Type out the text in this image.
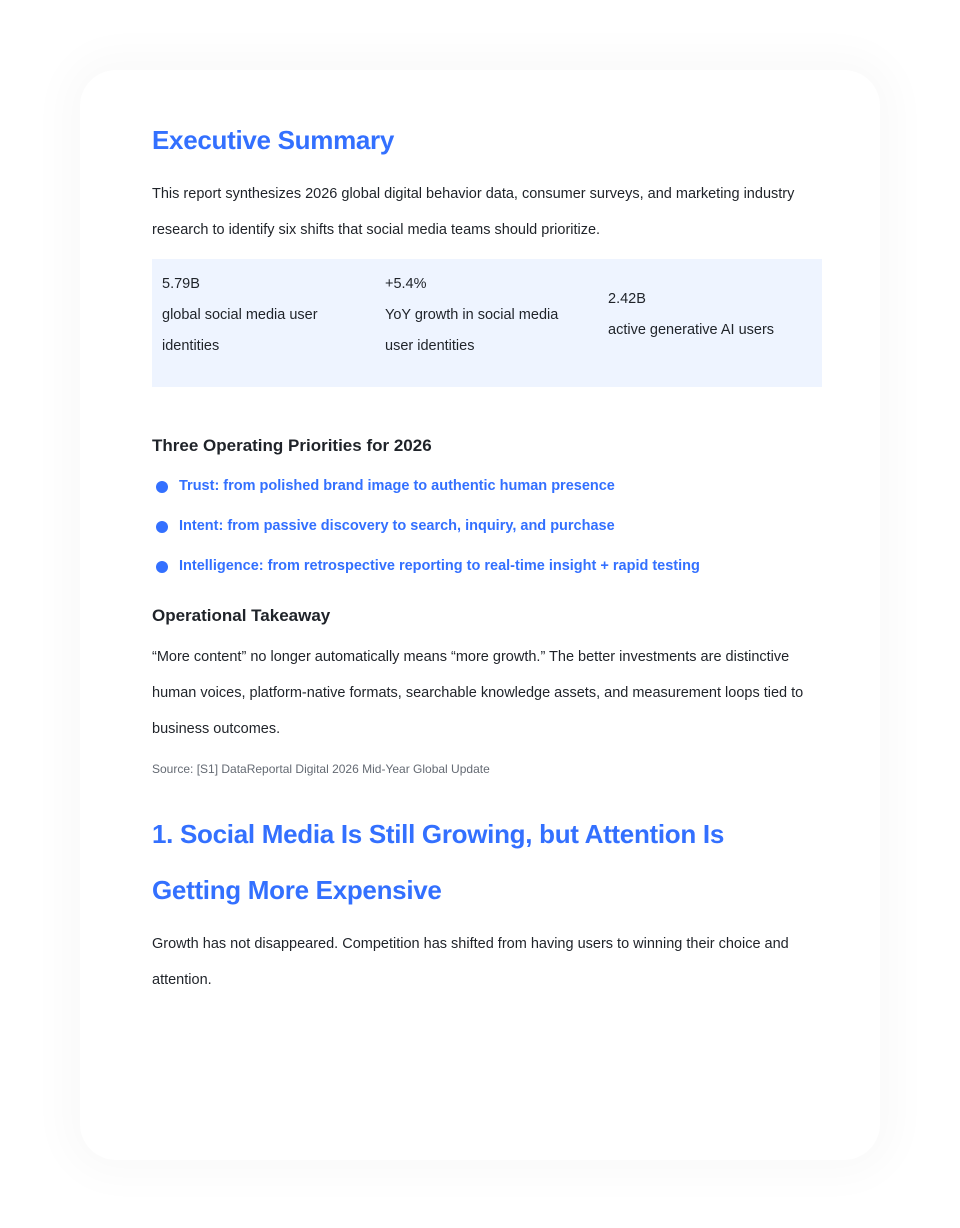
Executive Summary
This report synthesizes 2026 global digital behavior data, consumer surveys, and marketing industry research to identify six shifts that social media teams should prioritize.
5.79B
global social media user identities
+5.4%
YoY growth in social media user identities
2.42B
active generative AI users
Three Operating Priorities for 2026
Trust: from polished brand image to authentic human presence
Intent: from passive discovery to search, inquiry, and purchase
Intelligence: from retrospective reporting to real-time insight + rapid testing
Operational Takeaway
“More content” no longer automatically means “more growth.” The better investments are distinctive human voices, platform-native formats, searchable knowledge assets, and measurement loops tied to business outcomes.
Source: [S1] DataReportal Digital 2026 Mid-Year Global Update
1. Social Media Is Still Growing, but Attention Is Getting More Expensive
Growth has not disappeared. Competition has shifted from having users to winning their choice and attention.
